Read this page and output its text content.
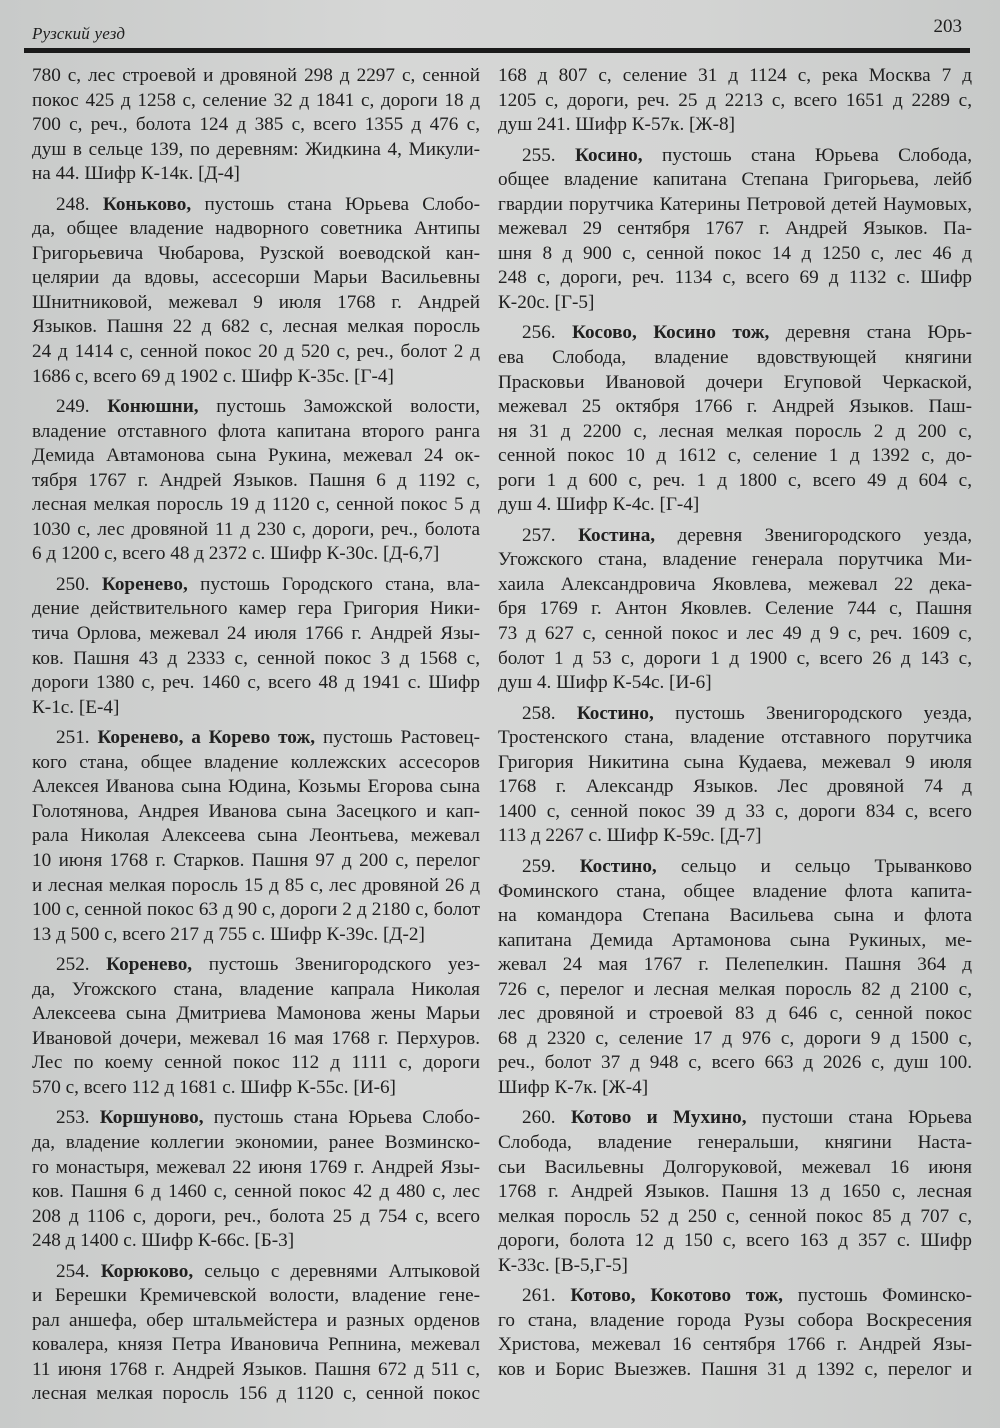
Рузский уезд	203
780 с, лес строевой и дровяной 298 д 2297 с, сенной
покос 425 д 1258 с, селение 32 д 1841 с, дороги 18 д
700 с, реч., болота 124 д 385 с, всего 1355 д 476 с,
душ в сельце 139, по деревням: Жидкина 4, Микули-
на 44. Шифр К-14к. [Д-4]
248. Коньково, пустошь стана Юрьева Слобо-
да, общее владение надворного советника Антипы
Григорьевича Чюбарова, Рузской воеводской кан-
целярии да вдовы, ассесорши Марьи Васильевны
Шнитниковой, межевал 9 июля 1768 г. Андрей
Языков. Пашня 22 д 682 с, лесная мелкая поросль
24 д 1414 с, сенной покос 20 д 520 с, реч., болот 2 д
1686 с, всего 69 д 1902 с. Шифр К-35с. [Г-4]
249. Конюшни, пустошь Заможской волости,
владение отставного флота капитана второго ранга
Демида Автамонова сына Рукина, межевал 24 ок-
тября 1767 г. Андрей Языков. Пашня 6 д 1192 с,
лесная мелкая поросль 19 д 1120 с, сенной покос 5 д
1030 с, лес дровяной 11 д 230 с, дороги, реч., болота
6 д 1200 с, всего 48 д 2372 с. Шифр К-30с. [Д-6,7]
250. Коренево, пустошь Городского стана, вла-
дение действительного камер гера Григория Ники-
тича Орлова, межевал 24 июля 1766 г. Андрей Язы-
ков. Пашня 43 д 2333 с, сенной покос 3 д 1568 с,
дороги 1380 с, реч. 1460 с, всего 48 д 1941 с. Шифр
К-1с. [Е-4]
251. Коренево, а Корево тож, пустошь Растовец-
кого стана, общее владение коллежских ассесоров
Алексея Иванова сына Юдина, Козьмы Егорова сына
Голотянова, Андрея Иванова сына Засецкого и кап-
рала Николая Алексеева сына Леонтьева, межевал
10 июня 1768 г. Старков. Пашня 97 д 200 с, перелог
и лесная мелкая поросль 15 д 85 с, лес дровяной 26 д
100 с, сенной покос 63 д 90 с, дороги 2 д 2180 с, болот
13 д 500 с, всего 217 д 755 с. Шифр К-39с. [Д-2]
252. Коренево, пустошь Звенигородского уез-
да, Угожского стана, владение капрала Николая
Алексеева сына Дмитриева Мамонова жены Марьи
Ивановой дочери, межевал 16 мая 1768 г. Перхуров.
Лес по коему сенной покос 112 д 1111 с, дороги
570 с, всего 112 д 1681 с. Шифр К-55с. [И-6]
253. Коршуново, пустошь стана Юрьева Слобо-
да, владение коллегии экономии, ранее Возминско-
го монастыря, межевал 22 июня 1769 г. Андрей Язы-
ков. Пашня 6 д 1460 с, сенной покос 42 д 480 с, лес
208 д 1106 с, дороги, реч., болота 25 д 754 с, всего
248 д 1400 с. Шифр К-66с. [Б-3]
254. Корюково, сельцо с деревнями Алтыковой
и Берешки Кремичевской волости, владение гене-
рал аншефа, обер штальмейстера и разных орденов
ковалера, князя Петра Ивановича Репнина, межевал
11 июня 1768 г. Андрей Языков. Пашня 672 д 511 с,
лесная мелкая поросль 156 д 1120 с, сенной покос
168 д 807 с, селение 31 д 1124 с, река Москва 7 д
1205 с, дороги, реч. 25 д 2213 с, всего 1651 д 2289 с,
душ 241. Шифр К-57к. [Ж-8]
255. Косино, пустошь стана Юрьева Слобода,
общее владение капитана Степана Григорьева, лейб
гвардии порутчика Катерины Петровой детей Наумовых,
межевал 29 сентября 1767 г. Андрей Языков. Па-
шня 8 д 900 с, сенной покос 14 д 1250 с, лес 46 д
248 с, дороги, реч. 1134 с, всего 69 д 1132 с. Шифр
К-20с. [Г-5]
256. Косово, Косино тож, деревня стана Юрь-
ева Слобода, владение вдовствующей княгини
Прасковьи Ивановой дочери Егуповой Черкаской,
межевал 25 октября 1766 г. Андрей Языков. Паш-
ня 31 д 2200 с, лесная мелкая поросль 2 д 200 с,
сенной покос 10 д 1612 с, селение 1 д 1392 с, до-
роги 1 д 600 с, реч. 1 д 1800 с, всего 49 д 604 с,
душ 4. Шифр К-4с. [Г-4]
257. Костина, деревня Звенигородского уезда,
Угожского стана, владение генерала порутчика Ми-
хаила Александровича Яковлева, межевал 22 дека-
бря 1769 г. Антон Яковлев. Селение 744 с, Пашня
73 д 627 с, сенной покос и лес 49 д 9 с, реч. 1609 с,
болот 1 д 53 с, дороги 1 д 1900 с, всего 26 д 143 с,
душ 4. Шифр К-54с. [И-6]
258. Костино, пустошь Звенигородского уезда,
Тростенского стана, владение отставного порутчика
Григория Никитина сына Кудаева, межевал 9 июля
1768 г. Александр Языков. Лес дровяной 74 д
1400 с, сенной покос 39 д 33 с, дороги 834 с, всего
113 д 2267 с. Шифр К-59с. [Д-7]
259. Костино, сельцо и сельцо Трыванково
Фоминского стана, общее владение флота капита-
на командора Степана Васильева сына и флота
капитана Демида Артамонова сына Рукиных, ме-
жевал 24 мая 1767 г. Пелепелкин. Пашня 364 д
726 с, перелог и лесная мелкая поросль 82 д 2100 с,
лес дровяной и строевой 83 д 646 с, сенной покос
68 д 2320 с, селение 17 д 976 с, дороги 9 д 1500 с,
реч., болот 37 д 948 с, всего 663 д 2026 с, душ 100.
Шифр К-7к. [Ж-4]
260. Котово и Мухино, пустоши стана Юрьева
Слобода, владение генеральши, княгини Наста-
сьи Васильевны Долгоруковой, межевал 16 июня
1768 г. Андрей Языков. Пашня 13 д 1650 с, лесная
мелкая поросль 52 д 250 с, сенной покос 85 д 707 с,
дороги, болота 12 д 150 с, всего 163 д 357 с. Шифр
К-33с. [В-5,Г-5]
261. Котово, Кокотово тож, пустошь Фоминско-
го стана, владение города Рузы собора Воскресения
Христова, межевал 16 сентября 1766 г. Андрей Язы-
ков и Борис Выезжев. Пашня 31 д 1392 с, перелог и
